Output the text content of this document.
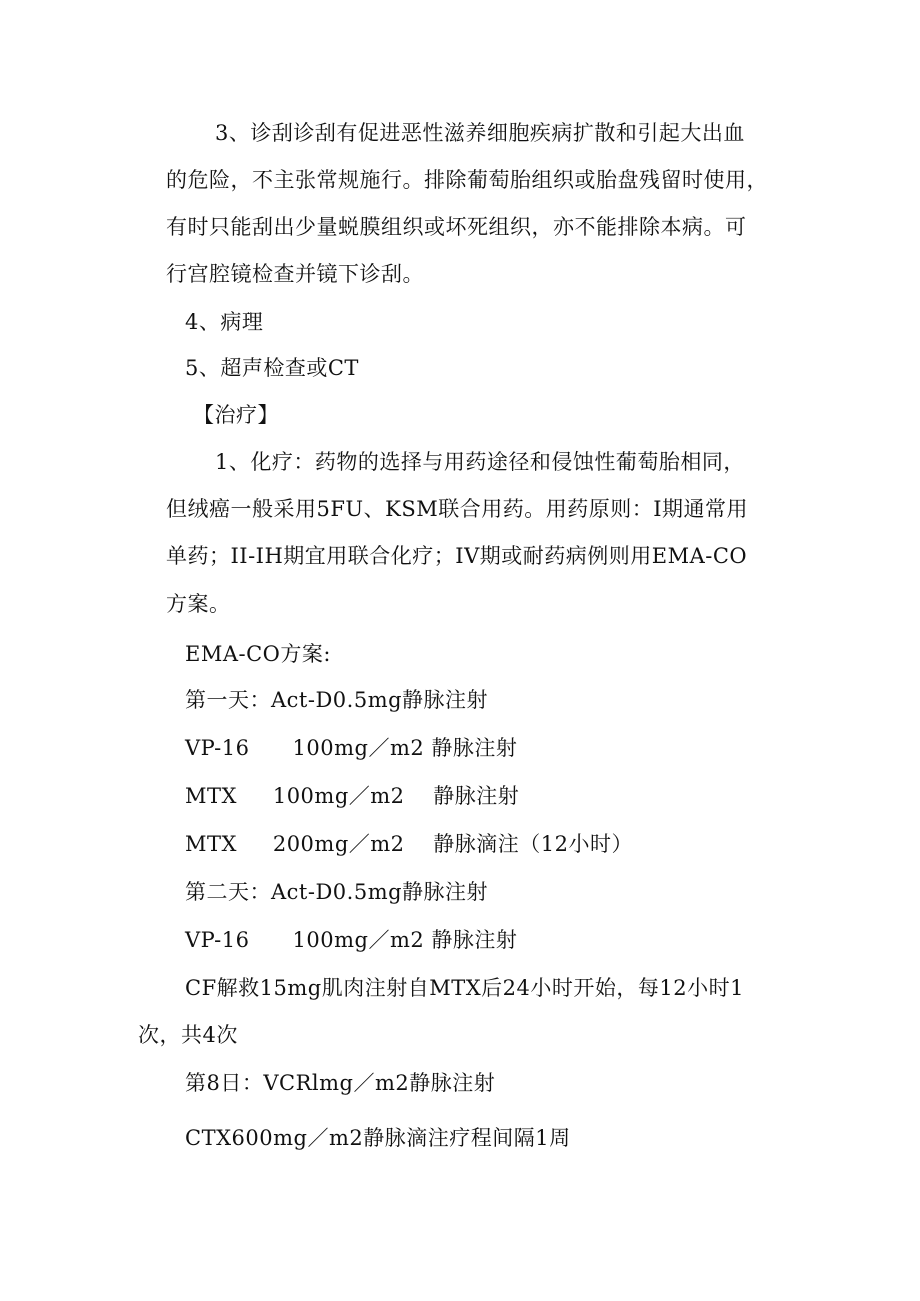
3、诊刮诊刮有促进恶性滋养细胞疾病扩散和引起大出血
的危险，不主张常规施行。排除葡萄胎组织或胎盘残留时使用，
有时只能刮出少量蜕膜组织或坏死组织，亦不能排除本病。可
行宫腔镜检查并镜下诊刮。
4、病理
5、超声检查或CT
【治疗】
1、化疗：药物的选择与用药途径和侵蚀性葡萄胎相同，
但绒癌一般采用5FU、KSM联合用药。用药原则：I期通常用
单药；II-IH期宜用联合化疗；IV期或耐药病例则用EMA-CO
方案。
EMA-CO方案:
第一天：Act-D0.5mg静脉注射
VP-16      100mg／m2 静脉注射
MTX     100mg／m2    静脉注射
MTX     200mg／m2    静脉滴注（12小时）
第二天：Act-D0.5mg静脉注射
VP-16      100mg／m2 静脉注射
CF解救15mg肌肉注射自MTX后24小时开始，每12小时1
次，共4次
第8日：VCRlmg／m2静脉注射
CTX600mg／m2静脉滴注疗程间隔1周
